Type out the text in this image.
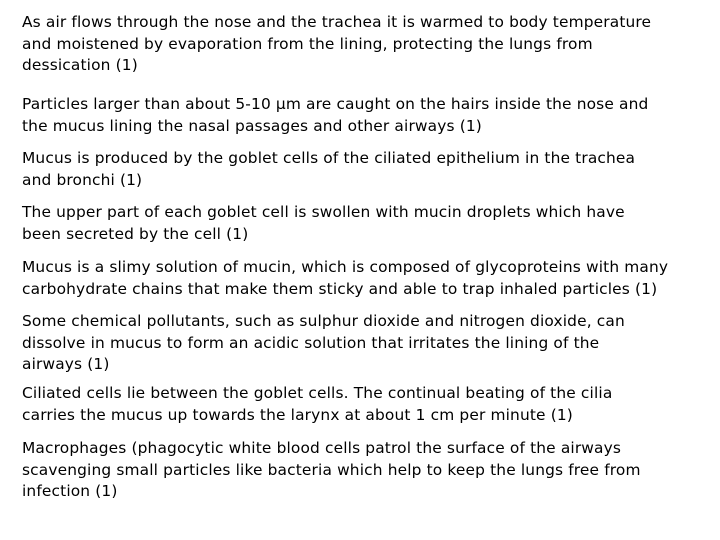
As air flows through the nose and the trachea it is warmed to body temperature
and moistened by evaporation from the lining, protecting the lungs from
dessication (1)

Particles larger than about 5-10 μm are caught on the hairs inside the nose and
the mucus lining the nasal passages and other airways (1)

Mucus is produced by the goblet cells of the ciliated epithelium in the trachea
and bronchi (1)

The upper part of each goblet cell is swollen with mucin droplets which have
been secreted by the cell (1)

Mucus is a slimy solution of mucin, which is composed of glycoproteins with many
carbohydrate chains that make them sticky and able to trap inhaled particles (1)

Some chemical pollutants, such as sulphur dioxide and nitrogen dioxide, can
dissolve in mucus to form an acidic solution that irritates the lining of the
airways (1)

Ciliated cells lie between the goblet cells. The continual beating of the cilia
carries the mucus up towards the larynx at about 1 cm per minute (1)

Macrophages (phagocytic white blood cells patrol the surface of the airways
scavenging small particles like bacteria which help to keep the lungs free from
infection (1)
